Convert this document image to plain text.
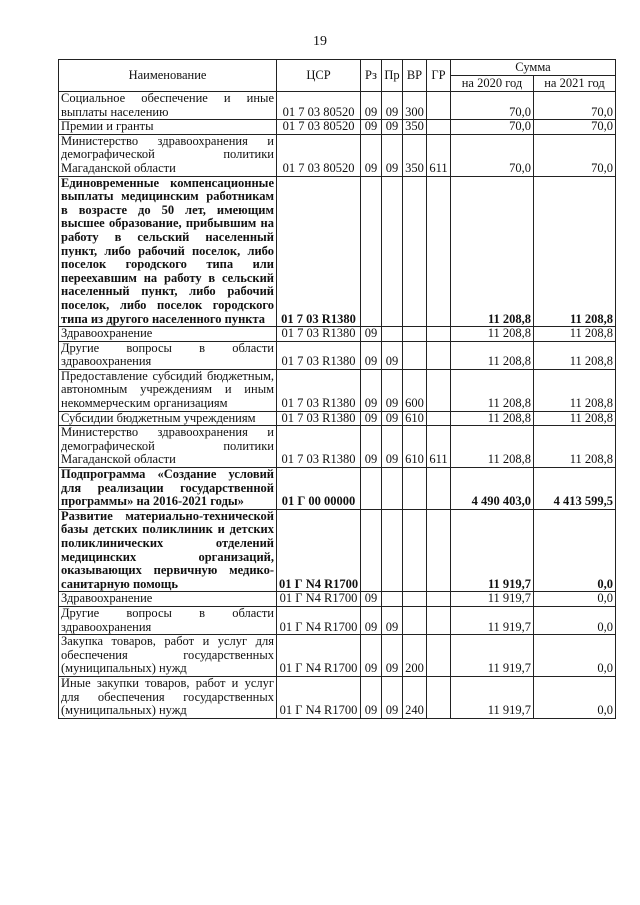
19
Наименование	ЦСР	Рз	Пр	ВР	ГР	Сумма	
						на 2020 год	на 2021 год
Социальное обеспечение и иные выплаты населению	01 7 03 80520	09	09	300		70,0	70,0
Премии и гранты	01 7 03 80520	09	09	350		70,0	70,0
Министерство здравоохранения и демографической политики Магаданской области	01 7 03 80520	09	09	350	611	70,0	70,0
Единовременные компенсационные выплаты медицинским работникам в возрасте до 50 лет, имеющим высшее образование, прибывшим на работу в сельский населенный пункт, либо рабочий поселок, либо поселок городского типа или переехавшим на работу в сельский населенный пункт, либо рабочий поселок, либо поселок городского типа из другого населенного пункта	01 7 03 R1380					11 208,8	11 208,8
Здравоохранение	01 7 03 R1380	09				11 208,8	11 208,8
Другие вопросы в области здравоохранения	01 7 03 R1380	09	09			11 208,8	11 208,8
Предоставление субсидий бюджетным, автономным учреждениям и иным некоммерческим организациям	01 7 03 R1380	09	09	600		11 208,8	11 208,8
Субсидии бюджетным учреждениям	01 7 03 R1380	09	09	610		11 208,8	11 208,8
Министерство здравоохранения и демографической политики Магаданской области	01 7 03 R1380	09	09	610	611	11 208,8	11 208,8
Подпрограмма «Создание условий для реализации государственной программы» на 2016-2021 годы»	01 Г 00 00000					4 490 403,0	4 413 599,5
Развитие материально-технической базы детских поликлиник и детских поликлинических отделений медицинских организаций, оказывающих первичную медико-санитарную помощь	01 Г N4 R1700					11 919,7	0,0
Здравоохранение	01 Г N4 R1700	09				11 919,7	0,0
Другие вопросы в области здравоохранения	01 Г N4 R1700	09	09			11 919,7	0,0
Закупка товаров, работ и услуг для обеспечения государственных (муниципальных) нужд	01 Г N4 R1700	09	09	200		11 919,7	0,0
Иные закупки товаров, работ и услуг для обеспечения государственных (муниципальных) нужд	01 Г N4 R1700	09	09	240		11 919,7	0,0
